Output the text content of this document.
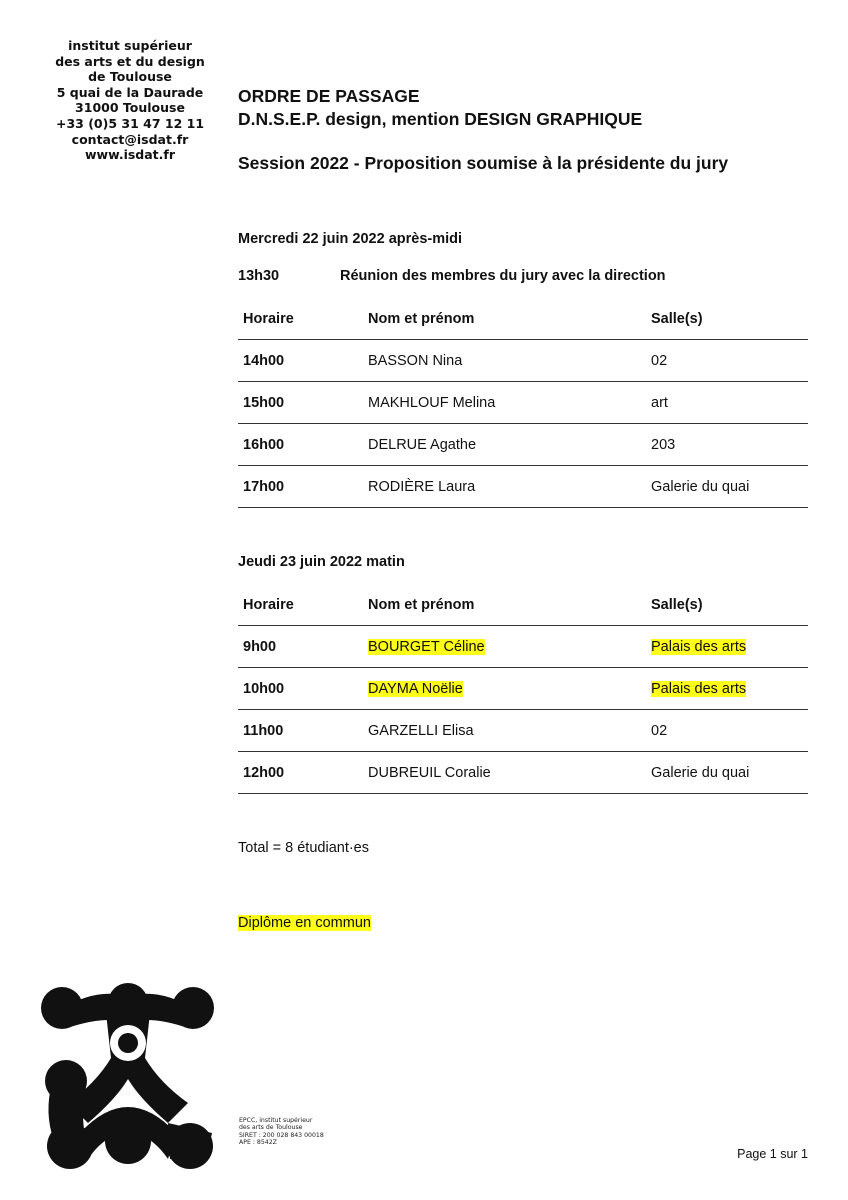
institut supérieur
des arts et du design
de Toulouse
5 quai de la Daurade
31000 Toulouse
+33 (0)5 31 47 12 11
contact@isdat.fr
www.isdat.fr
ORDRE DE PASSAGE
D.N.S.E.P. design, mention DESIGN GRAPHIQUE
Session 2022 - Proposition soumise à la présidente du jury
Mercredi 22 juin 2022 après-midi
13h30	Réunion des membres du jury avec la direction
Horaire	Nom et prénom	Salle(s)
14h00	BASSON Nina	02
15h00	MAKHLOUF Melina	art
16h00	DELRUE Agathe	203
17h00	RODIÈRE Laura	Galerie du quai
Jeudi 23 juin 2022 matin
Horaire	Nom et prénom	Salle(s)
9h00	BOURGET Céline	Palais des arts
10h00	DAYMA Noëlie	Palais des arts
11h00	GARZELLI Elisa	02
12h00	DUBREUIL Coralie	Galerie du quai
Total = 8 étudiant·es
Diplôme en commun
EPCC, institut supérieur
des arts de Toulouse
SIRET : 200 028 843 00018
APE : 8542Z
Page 1 sur 1
